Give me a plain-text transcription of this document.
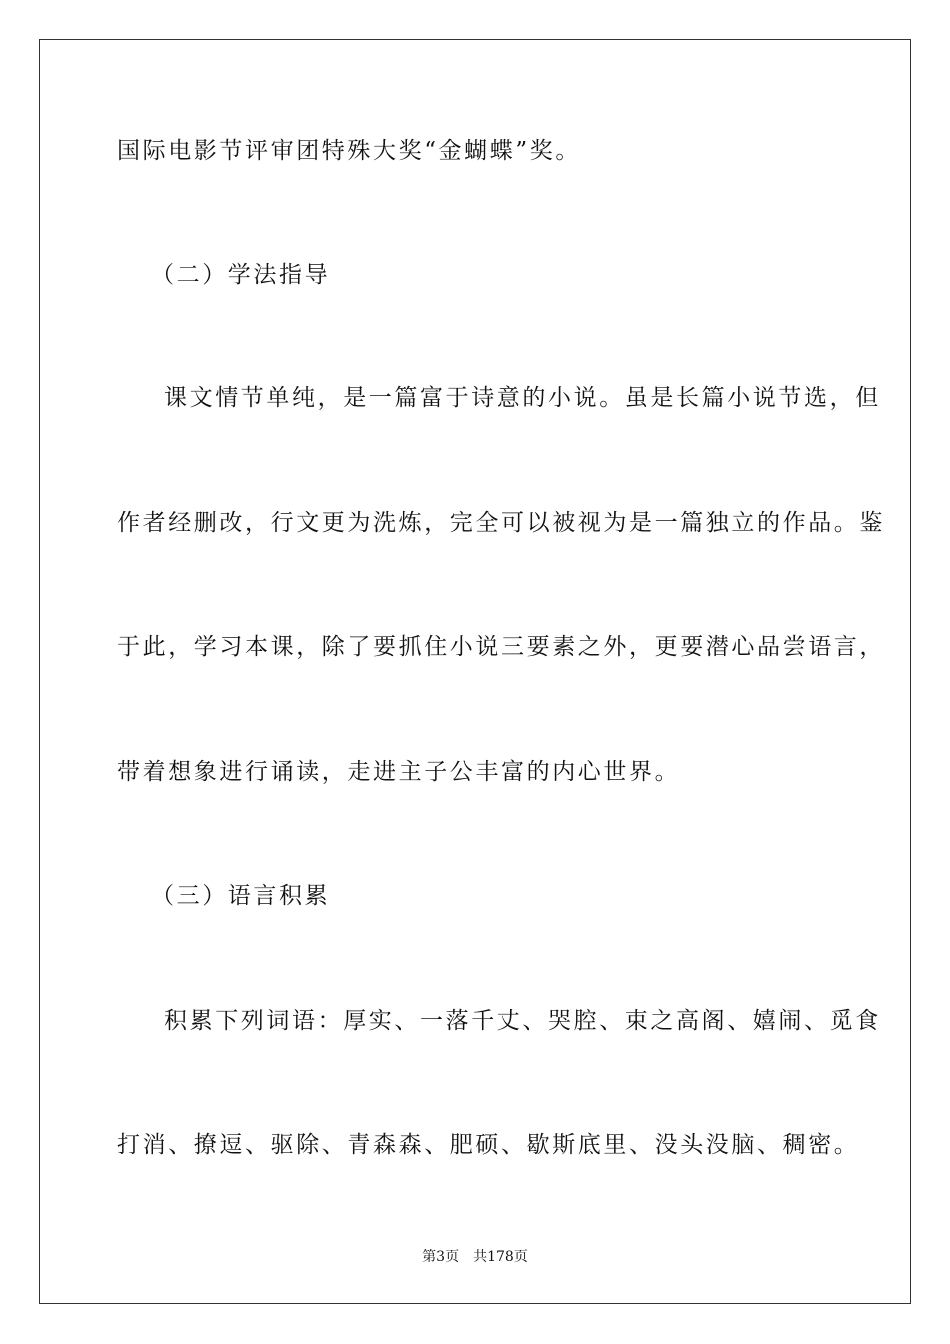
国际电影节评审团特殊大奖“金蝴蝶”奖。
（二）学法指导
课文情节单纯，是一篇富于诗意的小说。虽是长篇小说节选，但
作者经删改，行文更为洗炼，完全可以被视为是一篇独立的作品。鉴
于此，学习本课，除了要抓住小说三要素之外，更要潜心品尝语言，
带着想象进行诵读，走进主子公丰富的内心世界。
（三）语言积累
积累下列词语：厚实、一落千丈、哭腔、束之高阁、嬉闹、觅食
打消、撩逗、驱除、青森森、肥硕、歇斯底里、没头没脑、稠密。
第3页 共178页
